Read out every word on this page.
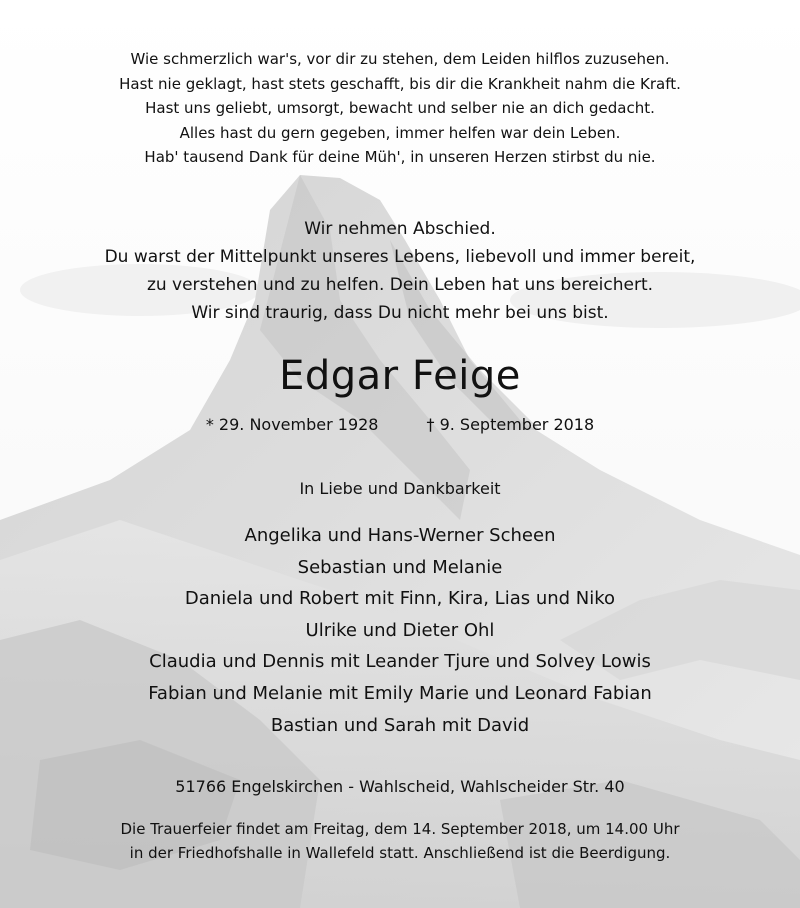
Wie schmerzlich war's, vor dir zu stehen, dem Leiden hilflos zuzusehen.
Hast nie geklagt, hast stets geschafft, bis dir die Krankheit nahm die Kraft.
Hast uns geliebt, umsorgt, bewacht und selber nie an dich gedacht.
Alles hast du gern gegeben, immer helfen war dein Leben.
Hab' tausend Dank für deine Müh', in unseren Herzen stirbst du nie.
Wir nehmen Abschied.
Du warst der Mittelpunkt unseres Lebens, liebevoll und immer bereit,
zu verstehen und zu helfen. Dein Leben hat uns bereichert.
Wir sind traurig, dass Du nicht mehr bei uns bist.
Edgar Feige
* 29. November 1928	† 9. September 2018
In Liebe und Dankbarkeit
Angelika und Hans-Werner Scheen
Sebastian und Melanie
Daniela und Robert mit Finn, Kira, Lias und Niko
Ulrike und Dieter Ohl
Claudia und Dennis mit Leander Tjure und Solvey Lowis
Fabian und Melanie mit Emily Marie und Leonard Fabian
Bastian und Sarah mit David
51766 Engelskirchen - Wahlscheid, Wahlscheider Str. 40
Die Trauerfeier findet am Freitag, dem 14. September 2018, um 14.00 Uhr
in der Friedhofshalle in Wallefeld statt. Anschließend ist die Beerdigung.
